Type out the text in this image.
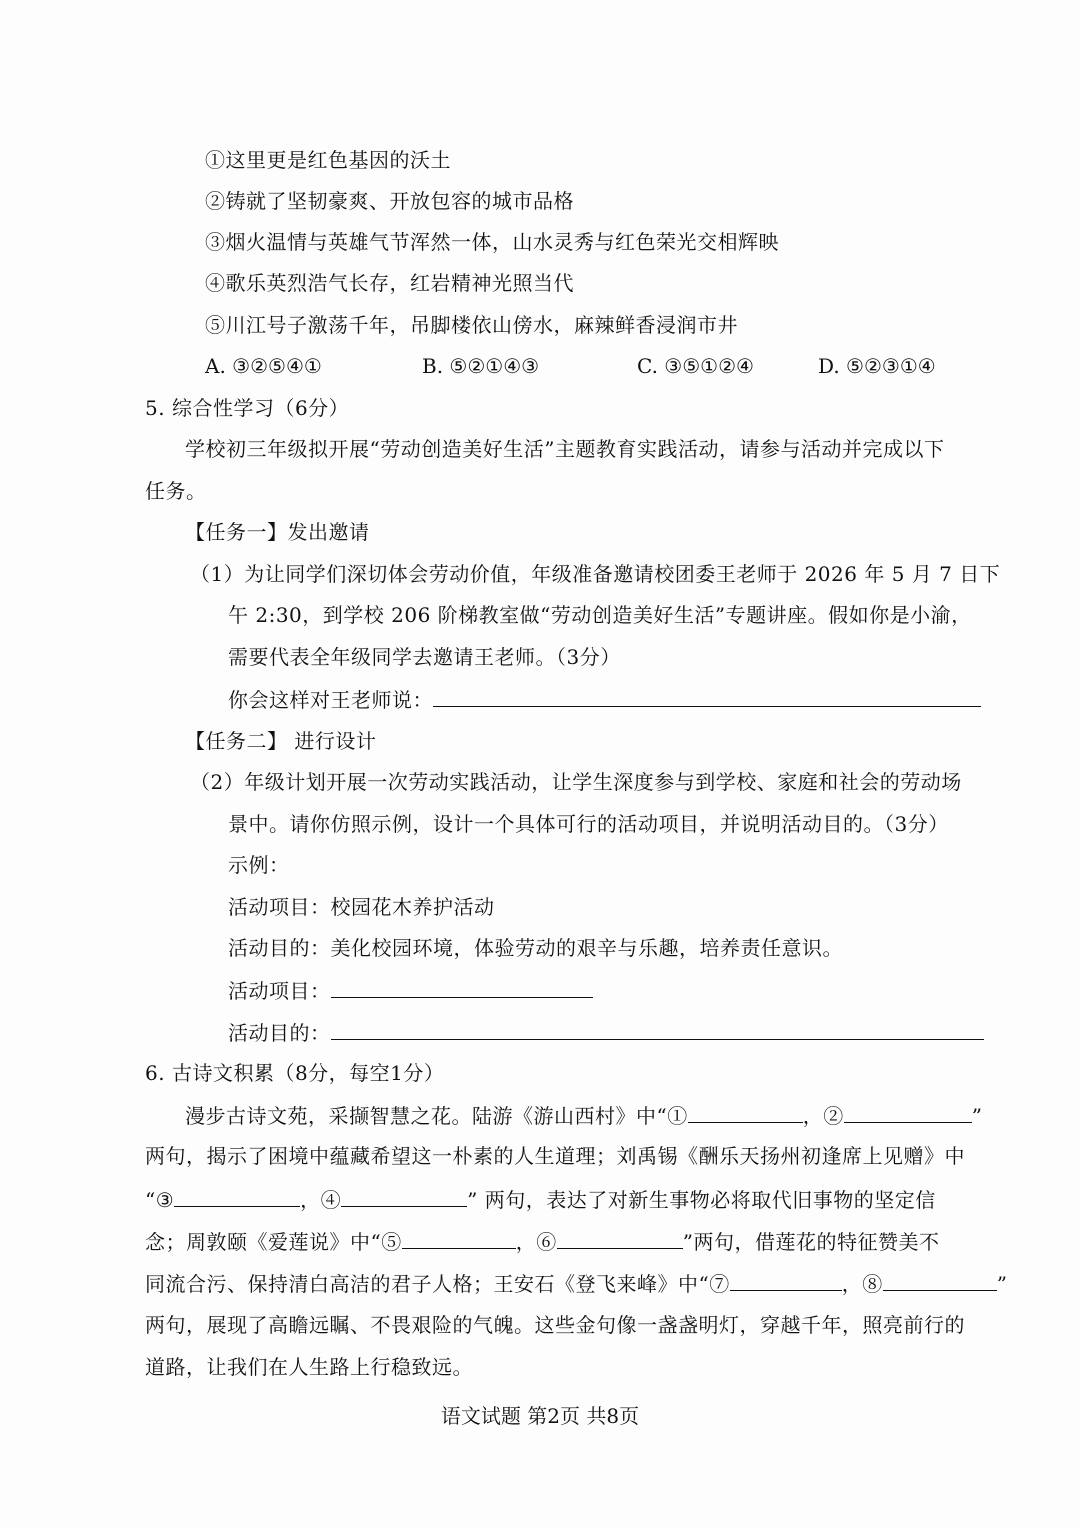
①这里更是红色基因的沃土
②铸就了坚韧豪爽、开放包容的城市品格
③烟火温情与英雄气节浑然一体，山水灵秀与红色荣光交相辉映
④歌乐英烈浩气长存，红岩精神光照当代
⑤川江号子激荡千年，吊脚楼依山傍水，麻辣鲜香浸润市井
A. ③②⑤④①	B. ⑤②①④③	C. ③⑤①②④	D. ⑤②③①④
5. 综合性学习（6分）
学校初三年级拟开展“劳动创造美好生活”主题教育实践活动，请参与活动并完成以下
任务。
【任务一】发出邀请
（1）为让同学们深切体会劳动价值，年级准备邀请校团委王老师于 2026 年 5 月 7 日下
午 2:30，到学校 206 阶梯教室做“劳动创造美好生活”专题讲座。假如你是小渝，
需要代表全年级同学去邀请王老师。（3分）
你会这样对王老师说：
【任务二】 进行设计
（2）年级计划开展一次劳动实践活动，让学生深度参与到学校、家庭和社会的劳动场
景中。请你仿照示例，设计一个具体可行的活动项目，并说明活动目的。（3分）
示例：
活动项目：校园花木养护活动
活动目的：美化校园环境，体验劳动的艰辛与乐趣，培养责任意识。
活动项目：
活动目的：
6. 古诗文积累（8分，每空1分）
漫步古诗文苑，采撷智慧之花。陆游《游山西村》中“①	，②	”
两句，揭示了困境中蕴藏希望这一朴素的人生道理；刘禹锡《酬乐天扬州初逢席上见赠》中
“③	，④	” 两句，表达了对新生事物必将取代旧事物的坚定信
念；周敦颐《爱莲说》中“⑤	，⑥	”两句，借莲花的特征赞美不
同流合污、保持清白高洁的君子人格；王安石《登飞来峰》中“⑦	，⑧	”
两句，展现了高瞻远瞩、不畏艰险的气魄。这些金句像一盏盏明灯，穿越千年，照亮前行的
道路，让我们在人生路上行稳致远。
语文试题 第2页 共8页
